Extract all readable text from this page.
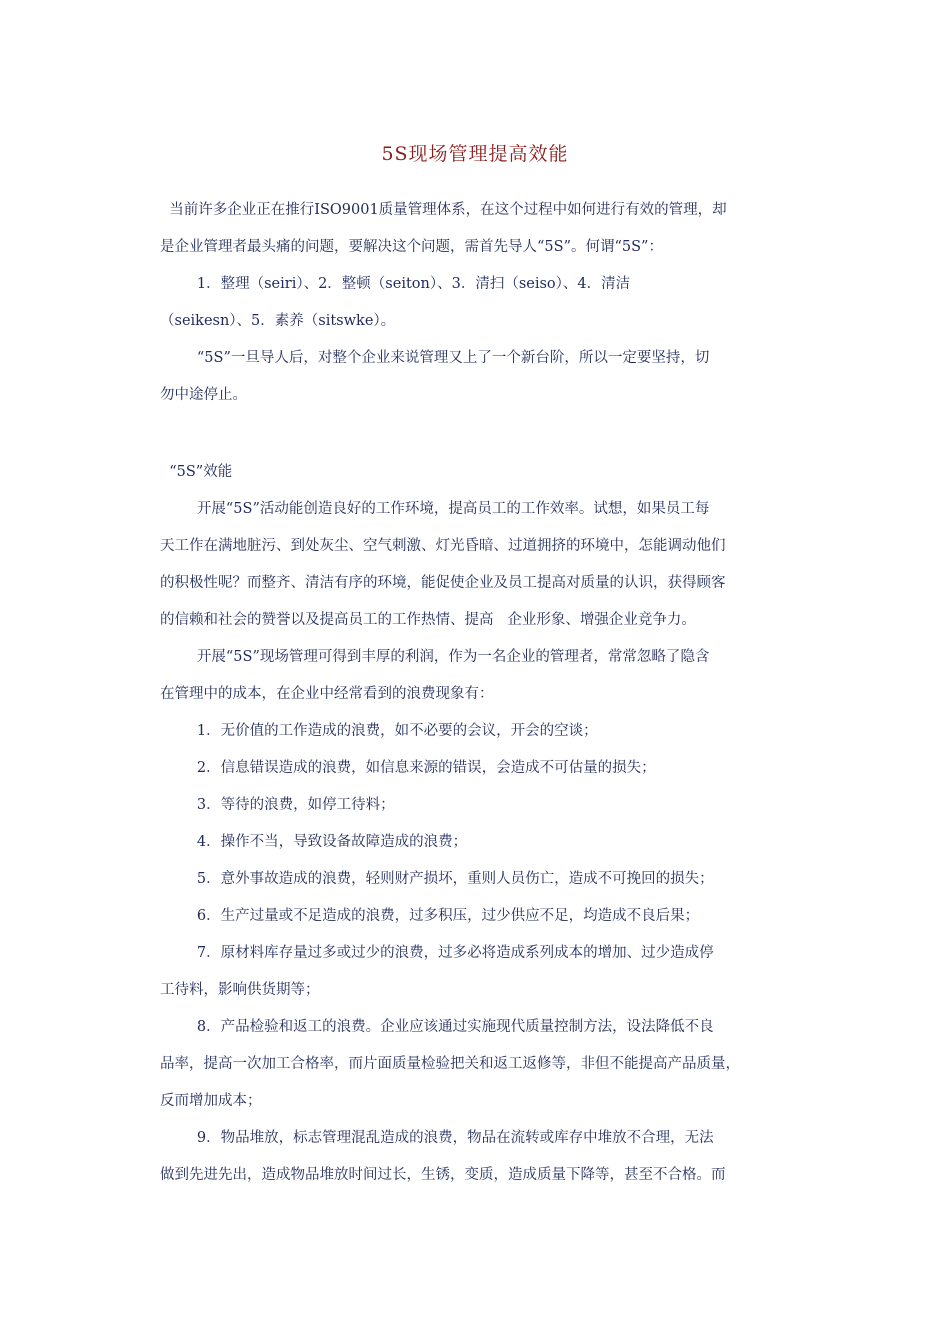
5S现场管理提高效能
当前许多企业正在推行ISO9001质量管理体系，在这个过程中如何进行有效的管理，却
是企业管理者最头痛的问题，要解决这个问题，需首先导人“5S”。何谓“5S”：
1．整理（seiri）、2．整顿（seiton）、3．清扫（seiso）、4．清洁
（seikesn）、5．素养（sitswke）。
“5S”一旦导人后，对整个企业来说管理又上了一个新台阶，所以一定要坚持，切
勿中途停止。
“5S”效能
开展“5S”活动能创造良好的工作环境，提高员工的工作效率。试想，如果员工每
天工作在满地脏污、到处灰尘、空气刺激、灯光昏暗、过道拥挤的环境中，怎能调动他们
的积极性呢？而整齐、清洁有序的环境，能促使企业及员工提高对质量的认识，获得顾客
的信赖和社会的赞誉以及提高员工的工作热情、提高   企业形象、增强企业竞争力。
开展“5S”现场管理可得到丰厚的利润，作为一名企业的管理者，常常忽略了隐含
在管理中的成本，在企业中经常看到的浪费现象有：
1．无价值的工作造成的浪费，如不必要的会议，开会的空谈；
2．信息错误造成的浪费，如信息来源的错误，会造成不可估量的损失；
3．等待的浪费，如停工待料；
4．操作不当，导致设备故障造成的浪费；
5．意外事故造成的浪费，轻则财产损坏，重则人员伤亡，造成不可挽回的损失；
6．生产过量或不足造成的浪费，过多积压，过少供应不足，均造成不良后果；
7．原材料库存量过多或过少的浪费，过多必将造成系列成本的增加、过少造成停
工待料，影响供货期等；
8．产品检验和返工的浪费。企业应该通过实施现代质量控制方法，设法降低不良
品率，提高一次加工合格率，而片面质量检验把关和返工返修等，非但不能提高产品质量，
反而增加成本；
9．物品堆放，标志管理混乱造成的浪费，物品在流转或库存中堆放不合理，无法
做到先进先出，造成物品堆放时间过长，生锈，变质，造成质量下降等，甚至不合格。而
